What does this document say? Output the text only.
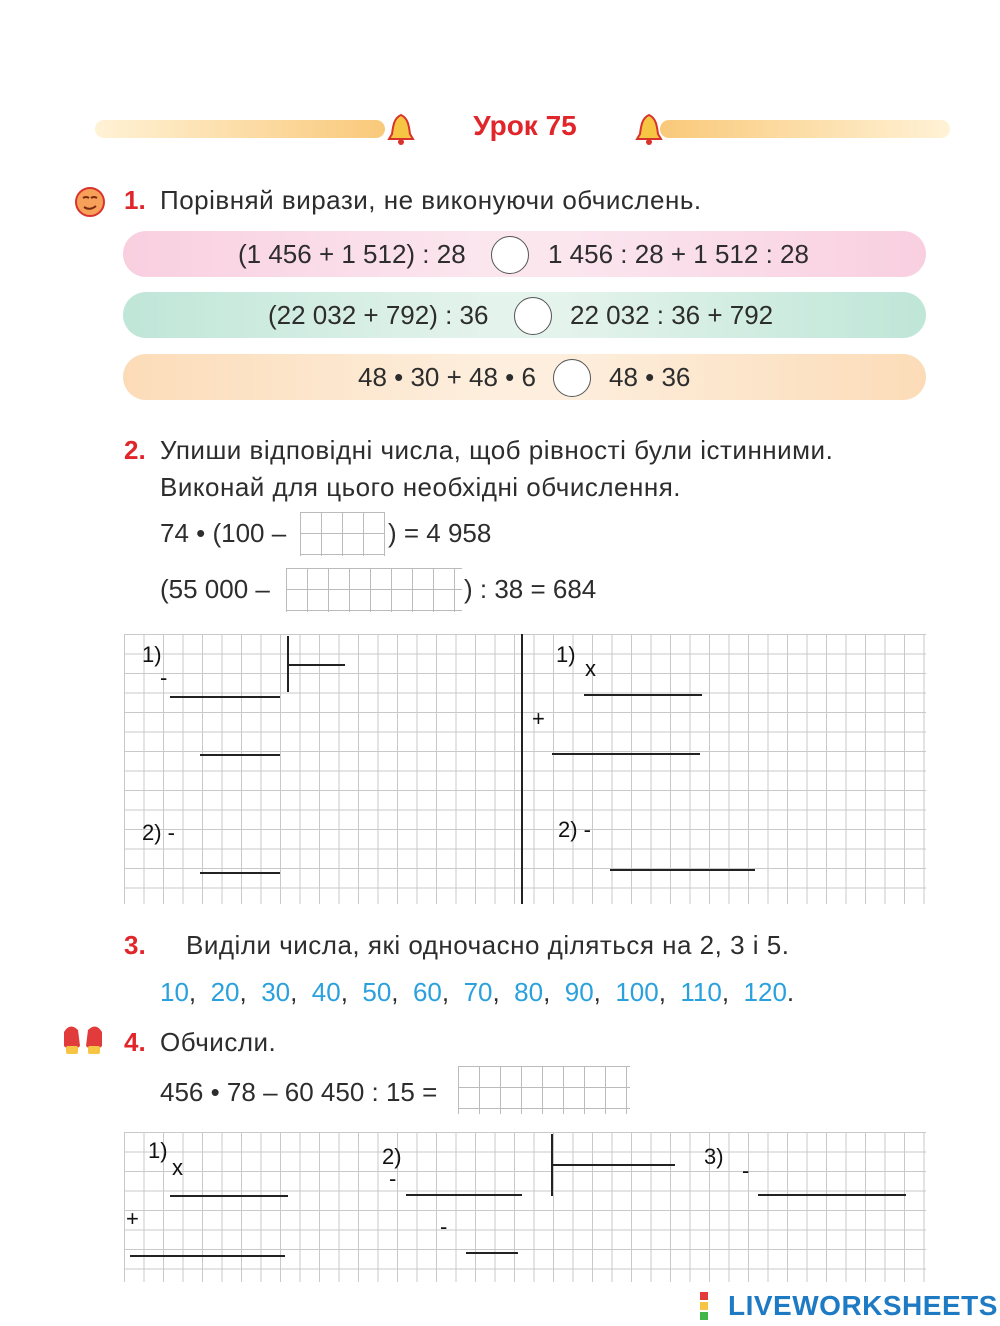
Урок 75
1. Порівняй вирази, не виконуючи обчислень.
(1 456 + 1 512) : 28	1 456 : 28 + 1 512 : 28
(22 032 + 792) : 36	22 032 : 36 + 792
48 • 30 + 48 • 6	48 • 36
2. Упиши відповідні числа, щоб рівності були істинними.
Виконай для цього необхідні обчислення.
74 • (100 –	) = 4 958
(55 000 –	) : 38 = 684
1)
-
2) -
1)
x
+
2) -
3. Виділи числа, які одночасно діляться на 2, 3 і 5.
10,  20,  30,  40,  50,  60,  70,  80,  90,  100,  110,  120.
4. Обчисли.
456 • 78 – 60 450 : 15 =
1)
x
+
2)
-
-
3)
-
LIVEWORKSHEETS
